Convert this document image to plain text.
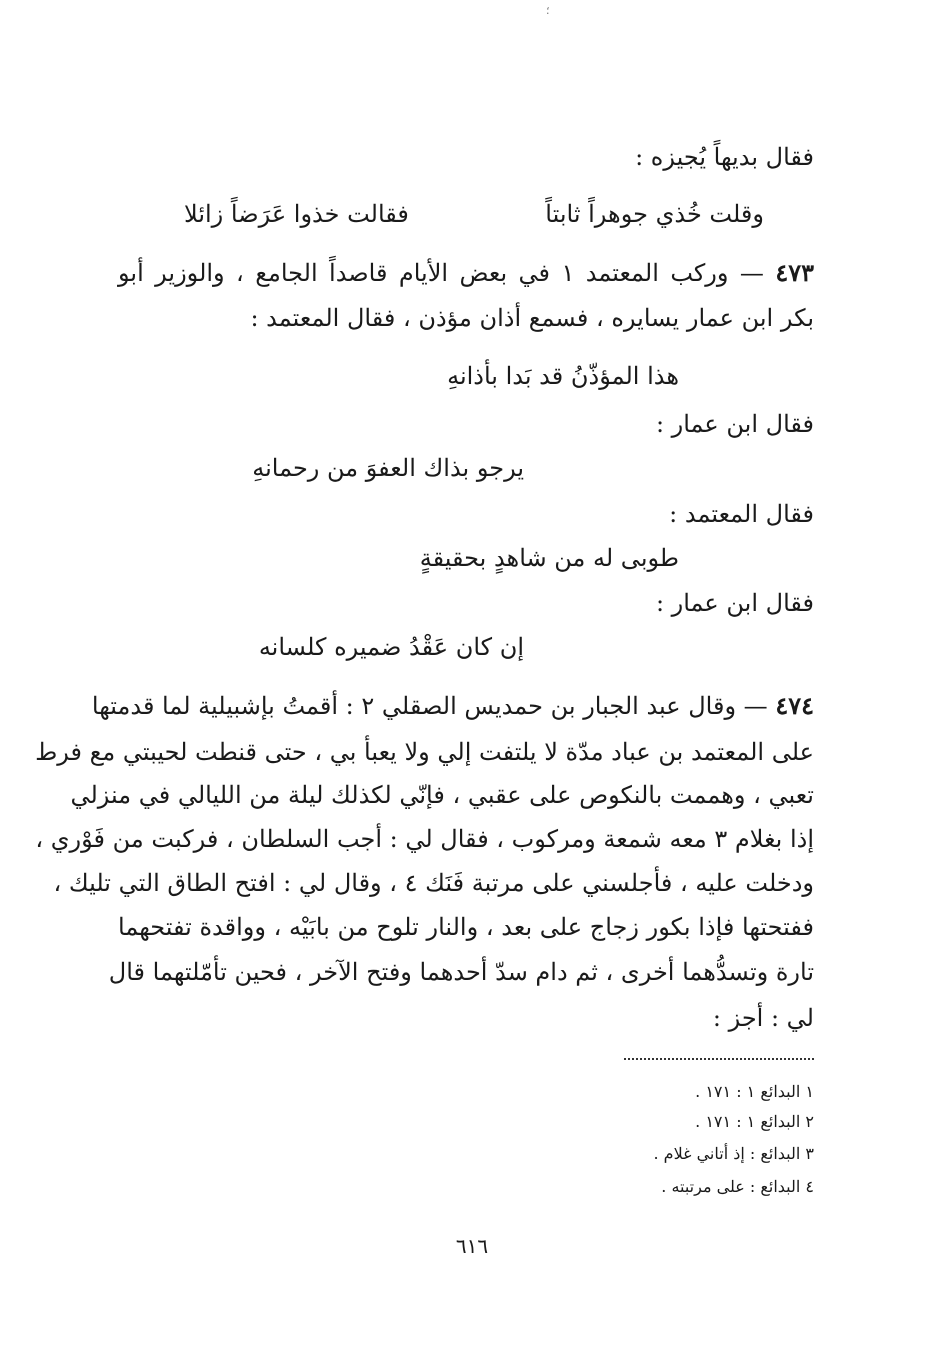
؛
فقال بديهاً يُجيزه :
وقلت خُذي جوهراً ثابتاً
فقالت خذوا عَرَضاً زائلا
٤٧٣ — وركب المعتمد ١ في بعض الأيام قاصداً الجامع ، والوزير أبو
بكر ابن عمار يسايره ، فسمع أذان مؤذن ، فقال المعتمد :
هذا المؤذّنُ قد بَدا بأذانهِ
فقال ابن عمار :
يرجو بذاك العفوَ من رحمانهِ
فقال المعتمد :
طوبى له من شاهدٍ بحقيقةٍ
فقال ابن عمار :
إن كان عَقْدُ ضميره كلسانه
٤٧٤ — وقال عبد الجبار بن حمديس الصقلي ٢ : أقمتُ بإشبيلية لما قدمتها
على المعتمد بن عباد مدّة لا يلتفت إلي ولا يعبأ بي ، حتى قنطت لحيبتي مع فرط
تعبي ، وهممت بالنكوص على عقبي ، فإنّي لكذلك ليلة من الليالي في منزلي
إذا بغلام ٣ معه شمعة ومركوب ، فقال لي : أجب السلطان ، فركبت من فَوْري ،
ودخلت عليه ، فأجلسني على مرتبة فَنَك ٤ ، وقال لي : افتح الطاق التي تليك ،
ففتحتها فإذا بكور زجاج على بعد ، والنار تلوح من بابَيْه ، وواقدة تفتحهما
تارة وتسدُّهما أخرى ، ثم دام سدّ أحدهما وفتح الآخر ، فحين تأمّلتهما قال
لي : أجز :
١ البدائع ١ : ١٧١ .
٢ البدائع ١ : ١٧١ .
٣ البدائع : إذ أتاني غلام .
٤ البدائع : على مرتبته .
٦١٦
